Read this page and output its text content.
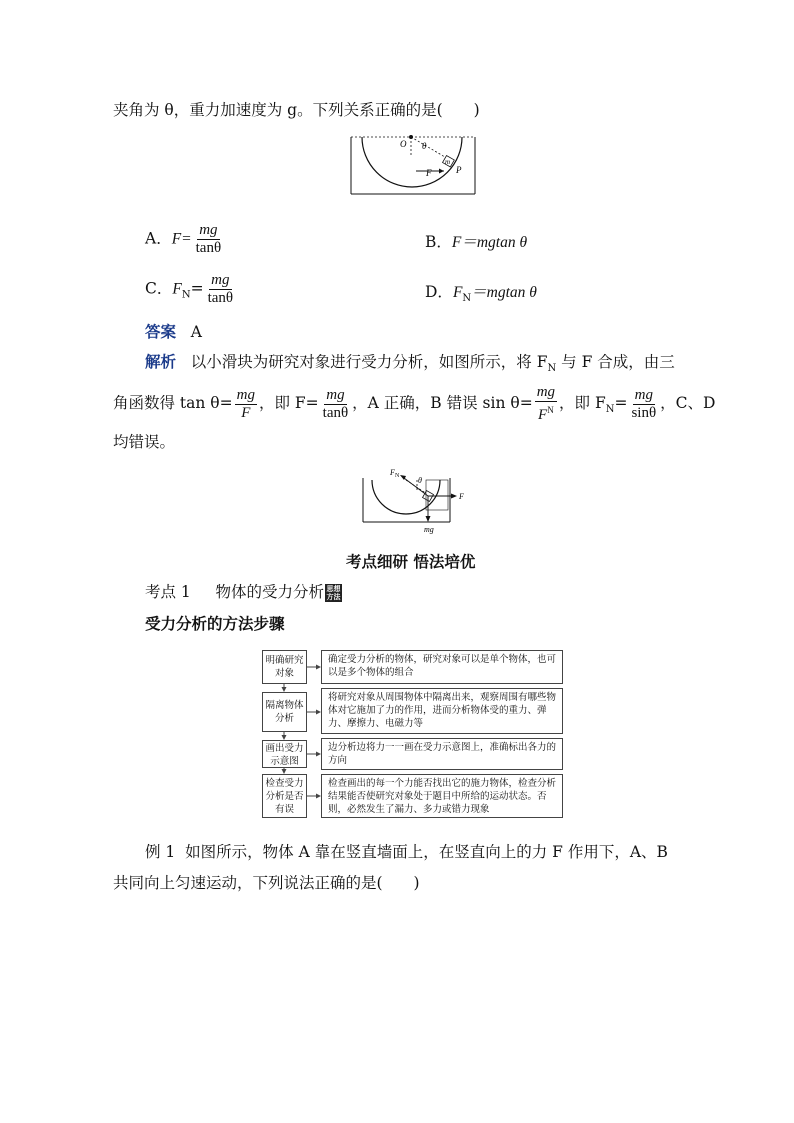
夹角为 θ，重力加速度为 g。下列关系正确的是(　　)
O θ
m
F	P
A．$F= \frac{mg}{\tan\theta}$	B．F＝mgtan θ
C．$F_N= \frac{mg}{\tan\theta}$	D．$F_N=mgtan$ θ
答案 A
解析 以小滑块为研究对象进行受力分析，如图所示，将 $F_N$ 与 F 合成，由三
角函数得 $\tan \theta= \frac{mg}{F}$ ，即 $F= \frac{mg}{\tan\theta}$ ，A 正确，B 错误 $\sin \theta= \frac{mg}{F^N}$ ，即 $F_N= \frac{mg}{\sin\theta}$ ，C、D
均错误。
F N θ
F
mg
考点细研 悟法培优
考点 1 物体的受力分析 思想
方法
受力分析的方法步骤
明确研究对象
确定受力分析的物体，研究对象可以是单个物体，也可以是多个物体的组合
隔离物体分析
将研究对象从周围物体中隔离出来，观察周围有哪些物体对它施加了力的作用，进而分析物体受的重力、弹力、摩擦力、电磁力等
画出受力示意图
边分析边将力一一画在受力示意图上，准确标出各力的方向
检查受力分析是否有误
检查画出的每一个力能否找出它的施力物体，检查分析结果能否使研究对象处于题目中所给的运动状态。否则，必然发生了漏力、多力或错力现象
例 1 如图所示，物体 A 靠在竖直墙面上，在竖直向上的力 F 作用下，A、B
共同向上匀速运动，下列说法正确的是(　　)
